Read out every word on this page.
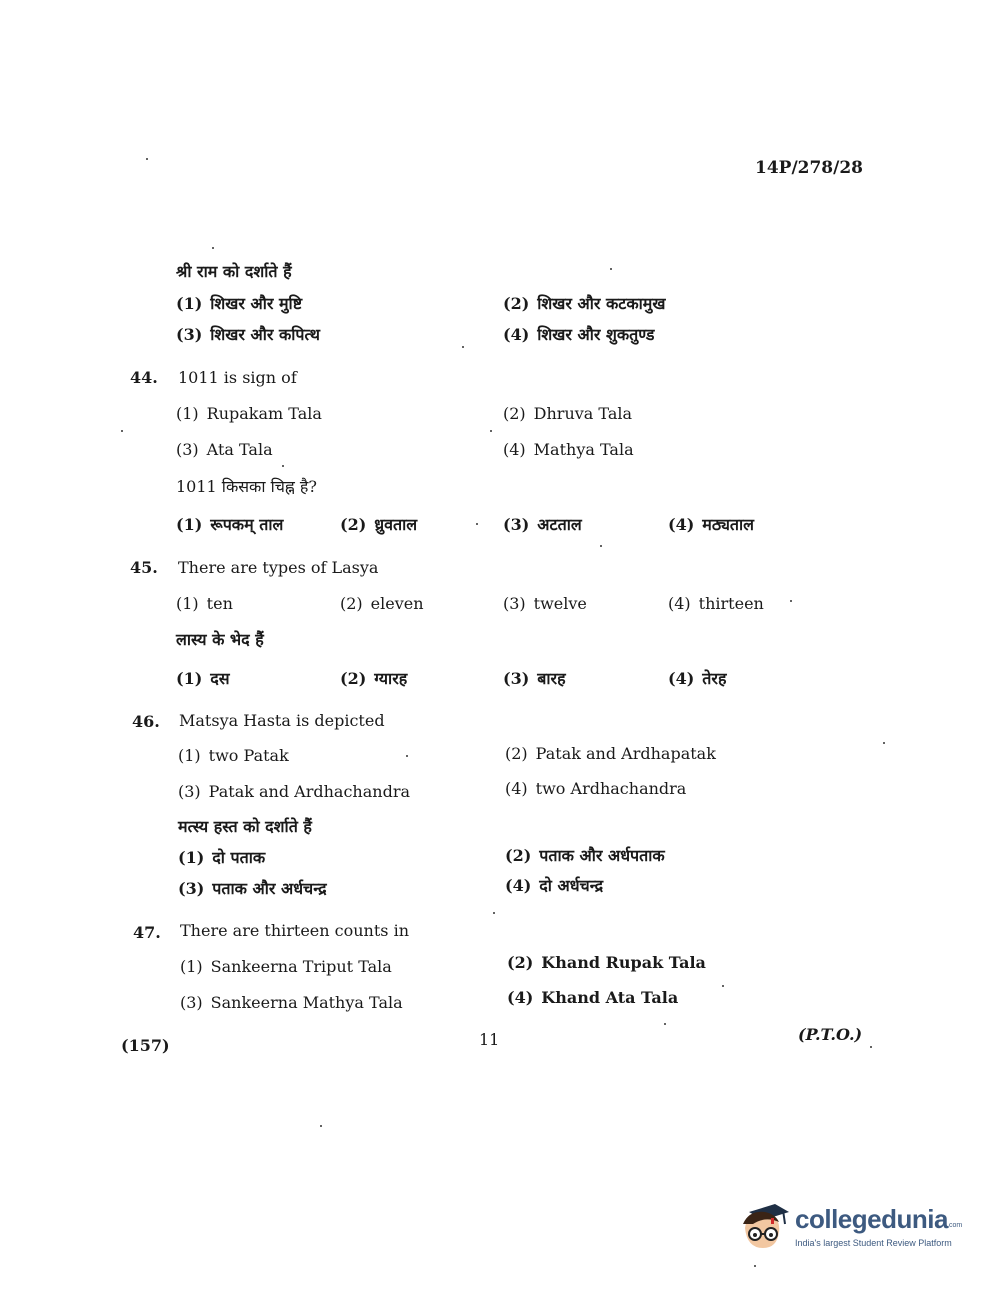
14P/278/28
श्री राम को दर्शाते हैं
(1) शिखर और मुष्टि	(2) शिखर और कटकामुख
(3) शिखर और कपित्थ	(4) शिखर और शुकतुण्ड
44. 1011 is sign of
(1) Rupakam Tala	(2) Dhruva Tala
(3) Ata Tala	(4) Mathya Tala
1011 किसका चिह्न है?
(1) रूपकम् ताल	(2) ध्रुवताल	(3) अटताल	(4) मठ्यताल
45. There are types of Lasya
(1) ten	(2) eleven	(3) twelve	(4) thirteen
लास्य के भेद हैं
(1) दस	(2) ग्यारह	(3) बारह	(4) तेरह
46. Matsya Hasta is depicted
(1) two Patak	(2) Patak and Ardhapatak
(3) Patak and Ardhachandra	(4) two Ardhachandra
मत्स्य हस्त को दर्शाते हैं
(1) दो पताक	(2) पताक और अर्धपताक
(3) पताक और अर्धचन्द्र	(4) दो अर्धचन्द्र
47. There are thirteen counts in
(1) Sankeerna Triput Tala	(2) Khand Rupak Tala
(3) Sankeerna Mathya Tala	(4) Khand Ata Tala
(157)	11	(P.T.O.)
collegedunia .com
India's largest Student Review Platform
